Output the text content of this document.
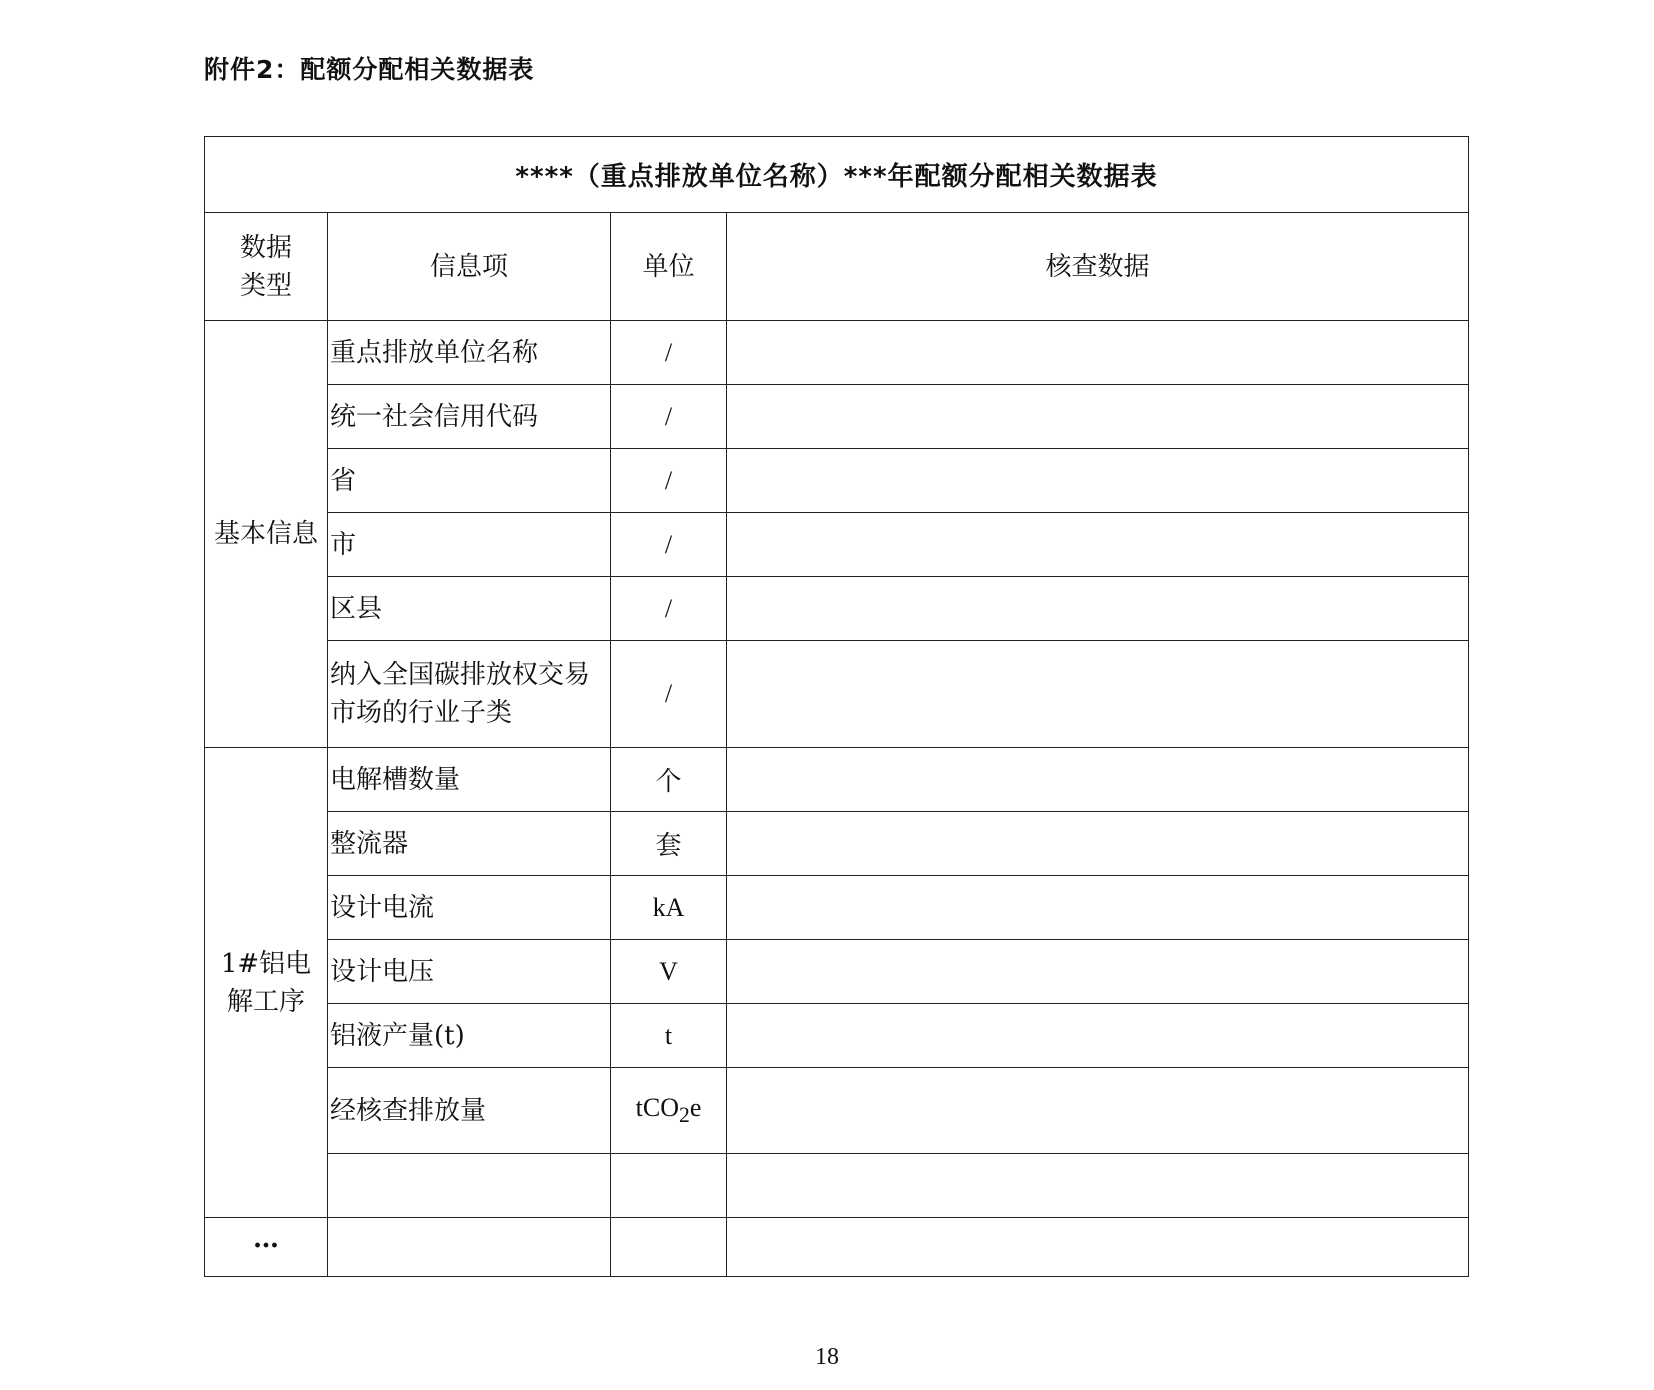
附件2：配额分配相关数据表
****（重点排放单位名称）***年配额分配相关数据表			
数据类型	信息项	单位	核查数据
基本信息	重点排放单位名称	/	
	统一社会信用代码	/	
	省	/	
	市	/	
	区县	/	
	纳入全国碳排放权交易市场的行业子类	/	
1#铝电解工序	电解槽数量	个	
	整流器	套	
	设计电流	kA	
	设计电压	V	
	铝液产量(t)	t	
	经核查排放量	tCO$_2$e	

…			
18
